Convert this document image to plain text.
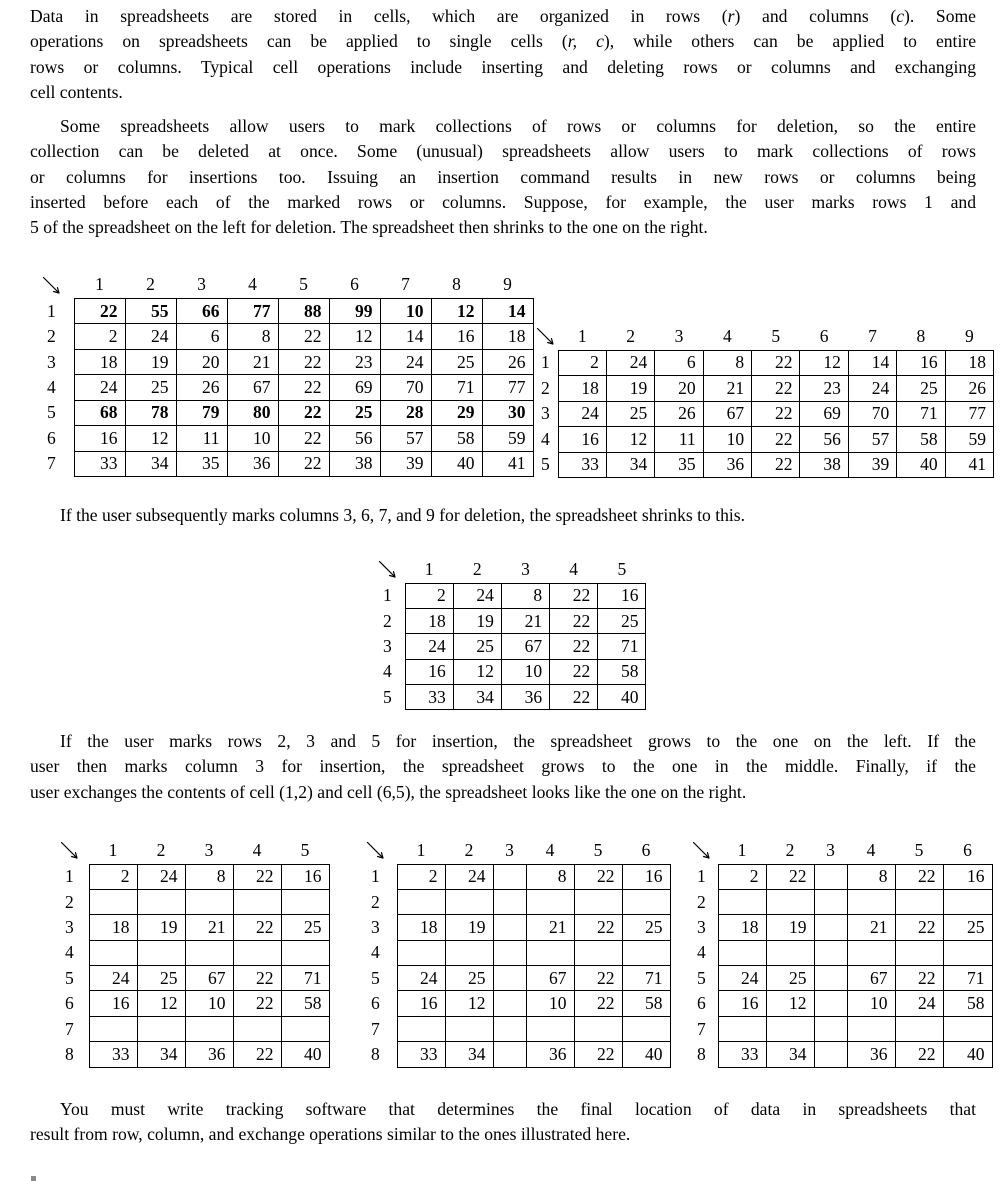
Data in spreadsheets are stored in cells, which are organized in rows (r) and columns (c). Some
operations on spreadsheets can be applied to single cells (r, c), while others can be applied to entire
rows or columns. Typical cell operations include inserting and deleting rows or columns and exchanging
cell contents.

Some spreadsheets allow users to mark collections of rows or columns for deletion, so the entire
collection can be deleted at once. Some (unusual) spreadsheets allow users to mark collections of rows
or columns for insertions too. Issuing an insertion command results in new rows or columns being
inserted before each of the marked rows or columns. Suppose, for example, the user marks rows 1 and
5 of the spreadsheet on the left for deletion. The spreadsheet then shrinks to the one on the right.

	1	2	3	4	5	6	7	8	9
1	22	55	66	77	88	99	10	12	14
2	2	24	6	8	22	12	14	16	18
3	18	19	20	21	22	23	24	25	26
4	24	25	26	67	22	69	70	71	77
5	68	78	79	80	22	25	28	29	30
6	16	12	11	10	22	56	57	58	59
7	33	34	35	36	22	38	39	40	41
	1	2	3	4	5	6	7	8	9
1	2	24	6	8	22	12	14	16	18
2	18	19	20	21	22	23	24	25	26
3	24	25	26	67	22	69	70	71	77
4	16	12	11	10	22	56	57	58	59
5	33	34	35	36	22	38	39	40	41

If the user subsequently marks columns 3, 6, 7, and 9 for deletion, the spreadsheet shrinks to this.

	1	2	3	4	5
1	2	24	8	22	16
2	18	19	21	22	25
3	24	25	67	22	71
4	16	12	10	22	58
5	33	34	36	22	40

If the user marks rows 2, 3 and 5 for insertion, the spreadsheet grows to the one on the left. If the
user then marks column 3 for insertion, the spreadsheet grows to the one in the middle. Finally, if the
user exchanges the contents of cell (1,2) and cell (6,5), the spreadsheet looks like the one on the right.

	1	2	3	4	5
1	2	24	8	22	16
2					
3	18	19	21	22	25
4					
5	24	25	67	22	71
6	16	12	10	22	58
7					
8	33	34	36	22	40
	1	2	3	4	5	6
1	2	24		8	22	16
2						
3	18	19		21	22	25
4						
5	24	25		67	22	71
6	16	12		10	22	58
7						
8	33	34		36	22	40
	1	2	3	4	5	6
1	2	22		8	22	16
2						
3	18	19		21	22	25
4						
5	24	25		67	22	71
6	16	12		10	24	58
7						
8	33	34		36	22	40

You must write tracking software that determines the final location of data in spreadsheets that
result from row, column, and exchange operations similar to the ones illustrated here.
